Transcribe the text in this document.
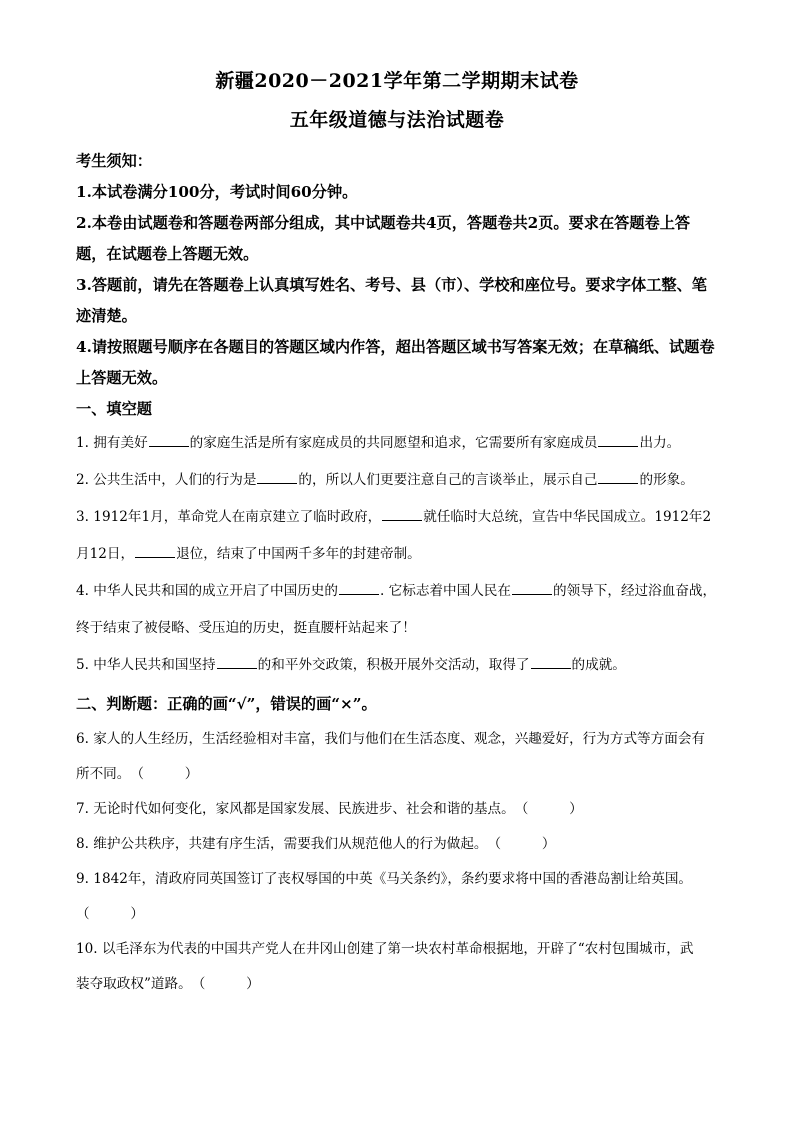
新疆2020－2021学年第二学期期末试卷

五年级道德与法治试题卷

考生须知：

1.本试卷满分100分，考试时间60分钟。

2.本卷由试题卷和答题卷两部分组成，其中试题卷共4页，答题卷共2页。要求在答题卷上答题，在试题卷上答题无效。

3.答题前，请先在答题卷上认真填写姓名、考号、县（市）、学校和座位号。要求字体工整、笔迹清楚。

4.请按照题号顺序在各题目的答题区域内作答，超出答题区域书写答案无效；在草稿纸、试题卷上答题无效。

一、填空题

1. 拥有美好	的家庭生活是所有家庭成员的共同愿望和追求，它需要所有家庭成员	出力。

2. 公共生活中，人们的行为是	的，所以人们更要注意自己的言谈举止，展示自己	的形象。

3. 1912年1月，革命党人在南京建立了临时政府，	就任临时大总统，宣告中华民国成立。1912年2
月12日，	退位，结束了中国两千多年的封建帝制。

4. 中华人民共和国的成立开启了中国历史的	. 它标志着中国人民在	的领导下，经过浴血奋战，
终于结束了被侵略、受压迫的历史，挺直腰杆站起来了！

5. 中华人民共和国坚持	的和平外交政策，积极开展外交活动，取得了	的成就。

二、判断题：正确的画“√”，错误的画“×”。

6. 家人的人生经历，生活经验相对丰富，我们与他们在生活态度、观念，兴趣爱好，行为方式等方面会有
所不同。（　　　）

7. 无论时代如何变化，家风都是国家发展、民族进步、社会和谐的基点。（　　　）

8. 维护公共秩序，共建有序生活，需要我们从规范他人的行为做起。（　　　）

9. 1842年，清政府同英国签订了丧权辱国的中英《马关条约》，条约要求将中国的香港岛割让给英国。
（　　　）

10. 以毛泽东为代表的中国共产党人在井冈山创建了第一块农村革命根据地，开辟了“农村包围城市，武
装夺取政权”道路。（　　　）
